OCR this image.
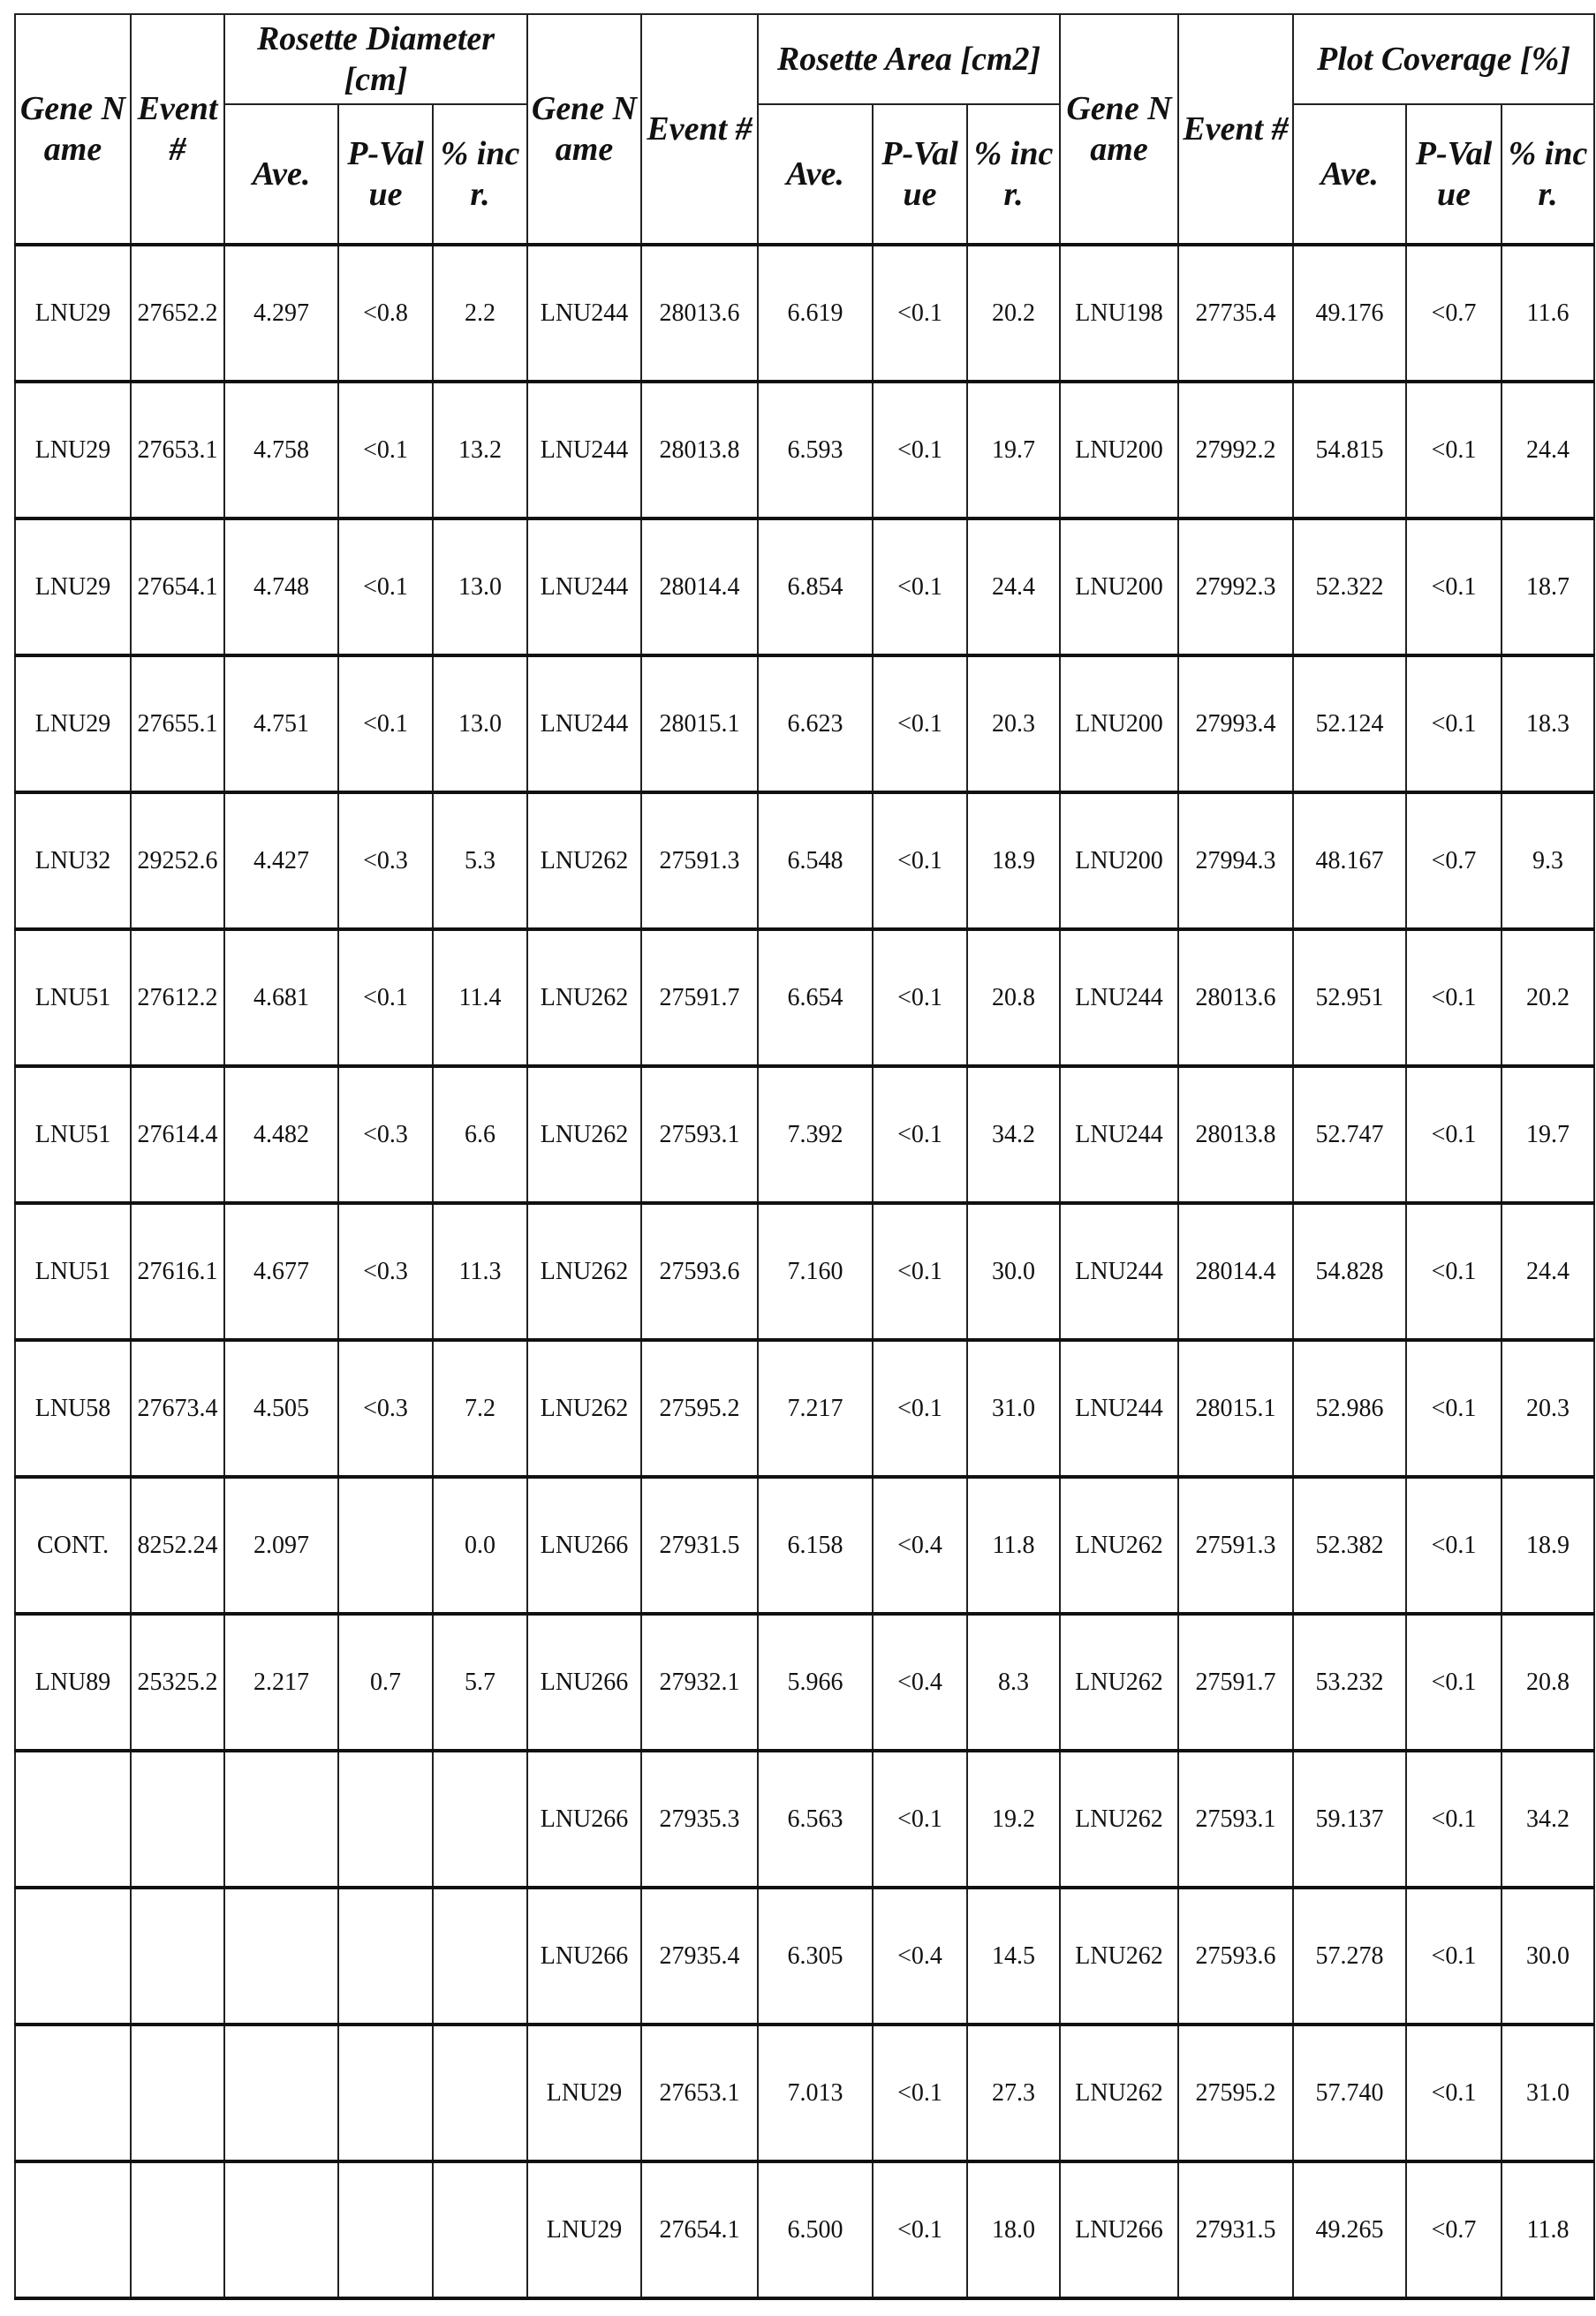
Gene Name	Event #	Rosette Diameter [cm]	Gene Name	Event #	Rosette Area [cm2]	Gene Name	Event #	Plot Coverage [%]
Ave.	P-Value	% incr.	Ave.	P-Value	% incr.	Ave.	P-Value	% incr.
LNU29	27652.2	4.297	<0.8	2.2	LNU244	28013.6	6.619	<0.1	20.2	LNU198	27735.4	49.176	<0.7	11.6
LNU29	27653.1	4.758	<0.1	13.2	LNU244	28013.8	6.593	<0.1	19.7	LNU200	27992.2	54.815	<0.1	24.4
LNU29	27654.1	4.748	<0.1	13.0	LNU244	28014.4	6.854	<0.1	24.4	LNU200	27992.3	52.322	<0.1	18.7
LNU29	27655.1	4.751	<0.1	13.0	LNU244	28015.1	6.623	<0.1	20.3	LNU200	27993.4	52.124	<0.1	18.3
LNU32	29252.6	4.427	<0.3	5.3	LNU262	27591.3	6.548	<0.1	18.9	LNU200	27994.3	48.167	<0.7	9.3
LNU51	27612.2	4.681	<0.1	11.4	LNU262	27591.7	6.654	<0.1	20.8	LNU244	28013.6	52.951	<0.1	20.2
LNU51	27614.4	4.482	<0.3	6.6	LNU262	27593.1	7.392	<0.1	34.2	LNU244	28013.8	52.747	<0.1	19.7
LNU51	27616.1	4.677	<0.3	11.3	LNU262	27593.6	7.160	<0.1	30.0	LNU244	28014.4	54.828	<0.1	24.4
LNU58	27673.4	4.505	<0.3	7.2	LNU262	27595.2	7.217	<0.1	31.0	LNU244	28015.1	52.986	<0.1	20.3
CONT.	8252.24	2.097		0.0	LNU266	27931.5	6.158	<0.4	11.8	LNU262	27591.3	52.382	<0.1	18.9
LNU89	25325.2	2.217	0.7	5.7	LNU266	27932.1	5.966	<0.4	8.3	LNU262	27591.7	53.232	<0.1	20.8
					LNU266	27935.3	6.563	<0.1	19.2	LNU262	27593.1	59.137	<0.1	34.2
					LNU266	27935.4	6.305	<0.4	14.5	LNU262	27593.6	57.278	<0.1	30.0
					LNU29	27653.1	7.013	<0.1	27.3	LNU262	27595.2	57.740	<0.1	31.0
					LNU29	27654.1	6.500	<0.1	18.0	LNU266	27931.5	49.265	<0.7	11.8
